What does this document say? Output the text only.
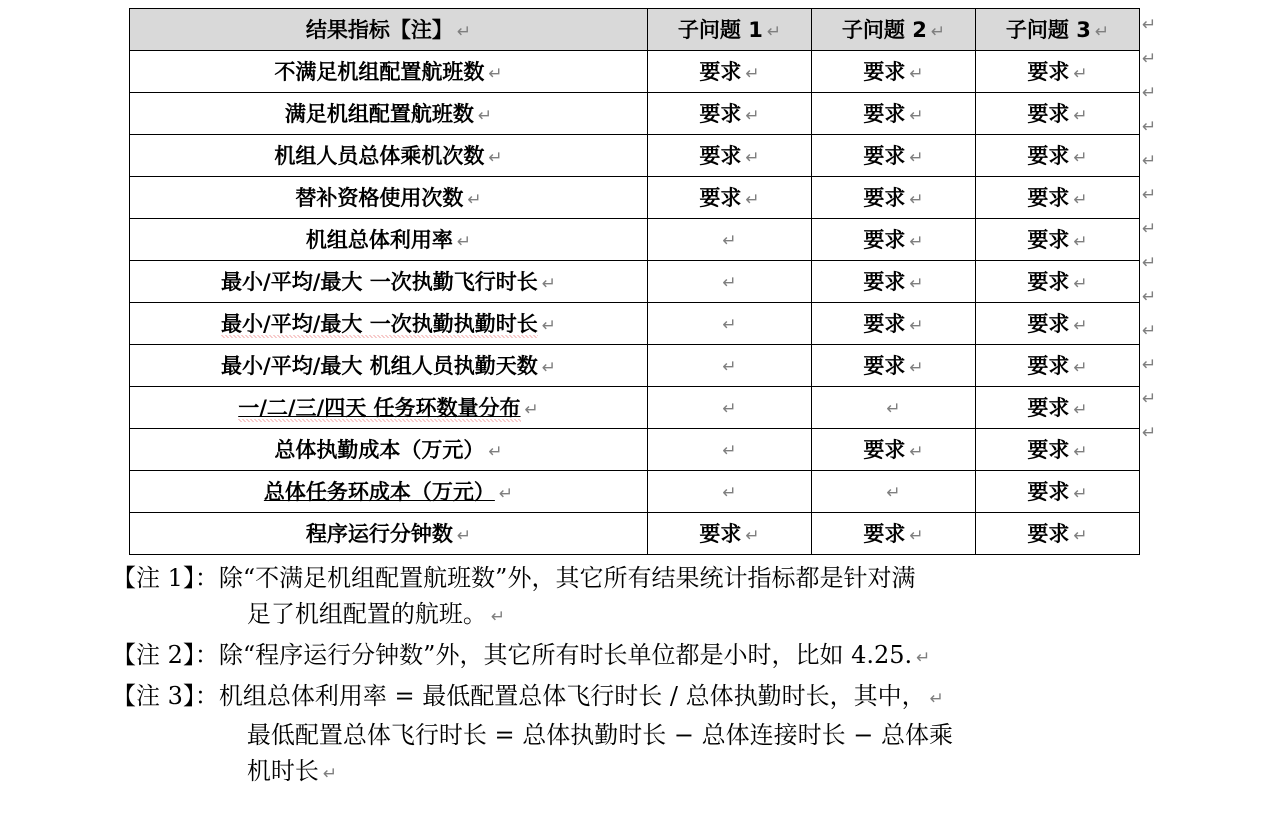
结果指标【注】 ↵	子问题 1 ↵	子问题 2 ↵	子问题 3 ↵
不满足机组配置航班数 ↵	要求 ↵	要求 ↵	要求 ↵
满足机组配置航班数 ↵	要求 ↵	要求 ↵	要求 ↵
机组人员总体乘机次数 ↵	要求 ↵	要求 ↵	要求 ↵
替补资格使用次数 ↵	要求 ↵	要求 ↵	要求 ↵
机组总体利用率 ↵	↵	要求 ↵	要求 ↵
最小/平均/最大 一次执勤飞行时长 ↵	↵	要求 ↵	要求 ↵
最小/平均/最大 一次执勤执勤时长 ↵	↵	要求 ↵	要求 ↵
最小/平均/最大 机组人员执勤天数 ↵	↵	要求 ↵	要求 ↵
一/二/三/四天 任务环数量分布 ↵	↵	↵	要求 ↵
总体执勤成本（万元） ↵	↵	要求 ↵	要求 ↵
总体任务环成本（万元） ↵	↵	↵	要求 ↵
程序运行分钟数 ↵	要求 ↵	要求 ↵	要求 ↵
↵
↵
↵
↵
↵
↵
↵
↵
↵
↵
↵
↵
↵
【注 1】： 除“不满足机组配置航班数”外，其它所有结果统计指标都是针对满
足了机组配置的航班。 ↵
【注 2】： 除“程序运行分钟数”外，其它所有时长单位都是小时，比如 4.25. ↵
【注 3】： 机组总体利用率 = 最低配置总体飞行时长 / 总体执勤时长，其中， ↵
最低配置总体飞行时长 = 总体执勤时长 − 总体连接时长 − 总体乘
机时长 ↵
